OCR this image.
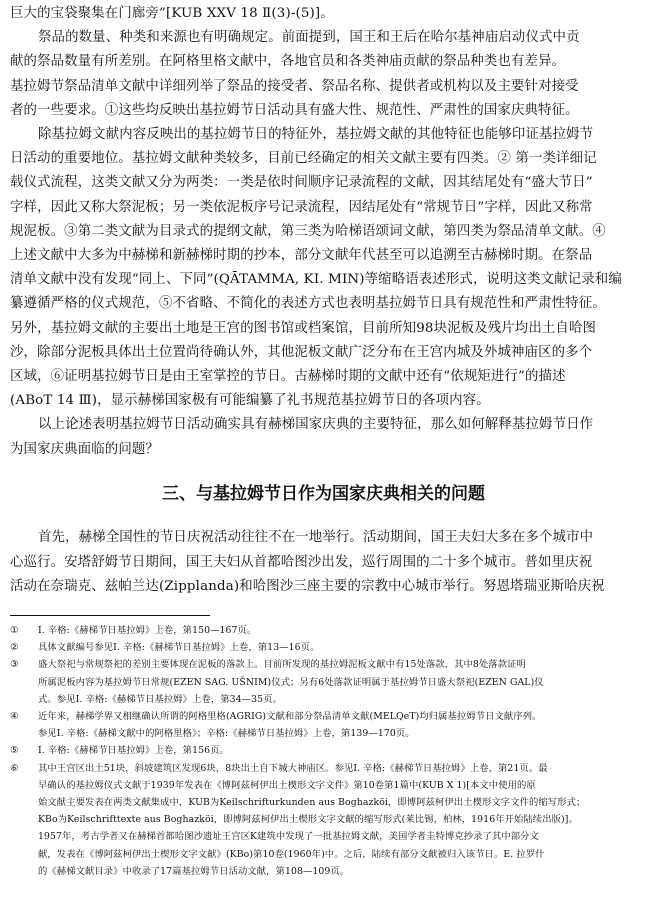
巨大的宝袋聚集在门廊旁”[KUB XXV 18 Ⅱ(3)-(5)]。
祭品的数量、种类和来源也有明确规定。前面提到，国王和王后在哈尔基神庙启动仪式中贡
献的祭品数量有所差别。在阿格里格文献中，各地官员和各类神庙贡献的祭品种类也有差异。
基拉姆节祭品清单文献中详细列举了祭品的接受者、祭品名称、提供者或机构以及主要针对接受
者的一些要求。①这些均反映出基拉姆节日活动具有盛大性、规范性、严肃性的国家庆典特征。
除基拉姆文献内容反映出的基拉姆节日的特征外，基拉姆文献的其他特征也能够印证基拉姆节
日活动的重要地位。基拉姆文献种类较多，目前已经确定的相关文献主要有四类。② 第一类详细记
载仪式流程，这类文献又分为两类：一类是依时间顺序记录流程的文献，因其结尾处有“盛大节日”
字样，因此又称大祭泥板；另一类依泥板序号记录流程，因结尾处有“常规节日”字样，因此又称常
规泥板。③第二类文献为目录式的提纲文献，第三类为哈梯语颂词文献，第四类为祭品清单文献。④
上述文献中大多为中赫梯和新赫梯时期的抄本，部分文献年代甚至可以追溯至古赫梯时期。在祭品
清单文献中没有发现“同上、下同”(QĀTAMMA, KI. MIN)等缩略语表述形式，说明这类文献记录和编
纂遵循严格的仪式规范，⑤不省略、不简化的表述方式也表明基拉姆节日具有规范性和严肃性特征。
另外，基拉姆文献的主要出土地是王宫的图书馆或档案馆，目前所知98块泥板及残片均出土自哈图
沙，除部分泥板具体出土位置尚待确认外，其他泥板文献广泛分布在王宫内城及外城神庙区的多个
区域，⑥证明基拉姆节日是由王室掌控的节日。古赫梯时期的文献中还有“依规矩进行”的描述
(ABoT 14 Ⅲ)，显示赫梯国家极有可能编纂了礼书规范基拉姆节日的各项内容。
以上论述表明基拉姆节日活动确实具有赫梯国家庆典的主要特征，那么如何解释基拉姆节日作
为国家庆典面临的问题？
三、与基拉姆节日作为国家庆典相关的问题
首先，赫梯全国性的节日庆祝活动往往不在一地举行。活动期间，国王夫妇大多在多个城市中
心巡行。安塔舒姆节日期间，国王夫妇从首都哈图沙出发，巡行周围的二十多个城市。普如里庆祝
活动在奈瑞克、兹帕兰达(Zipplanda)和哈图沙三座主要的宗教中心城市举行。努恩塔瑞亚斯哈庆祝
① I. 辛格:《赫梯节日基拉姆》上卷，第150—167页。
② 具体文献编号参见I. 辛格:《赫梯节日基拉姆》上卷，第13—16页。
③ 盛大祭祀与常规祭祀的差别主要体现在泥板的落款上。目前所发现的基拉姆泥板文献中有15处落款，其中8处落款证明
所属泥板内容为基拉姆节日常规(EZEN SAG. UŠNIM)仪式；另有6处落款证明属于基拉姆节日盛大祭祀(EZEN GAL)仪
式。参见I. 辛格:《赫梯节日基拉姆》上卷，第34—35页。
④ 近年来，赫梯学界又相继确认所谓的阿格里格(AGRIG)文献和部分祭品清单文献(MELQeT)均归属基拉姆节日文献序列。
参见I. 辛格:《赫梯文献中的阿格里格》；辛格:《赫梯节日基拉姆》上卷，第139—170页。
⑤ I. 辛格:《赫梯节日基拉姆》上卷，第156页。
⑥ 其中王宫区出土51块，斜坡建筑区发现6块，8块出土自下城大神庙区。参见I. 辛格:《赫梯节日基拉姆》上卷，第21页。最
早确认的基拉姆仪式文献于1939年发表在《博阿兹柯伊出土楔形文字文件》第10卷第1篇中(KUB X 1)[本文中使用的原
始文献主要发表在两类文献集成中，KUB为Keilschrifturkunden aus Boghazköi，即博阿兹柯伊出土楔形文字文件的缩写形式；
KBo为Keilschrifttexte aus Boghazköi，即博阿兹柯伊出土楔形文字文献的缩写形式(莱比锡，柏林，1916年开始陆续出版)]。
1957年，考古学者又在赫梯首都哈图沙遗址王宫区K建筑中发现了一批基拉姆文献，美国学者圭特博克抄录了其中部分文
献，发表在《博阿兹柯伊出土楔形文字文献》(KBo)第10卷(1960年)中。之后，陆续有部分文献被归入该节日。E. 拉罗什
的《赫梯文献目录》中收录了17篇基拉姆节日活动文献，第108—109页。
